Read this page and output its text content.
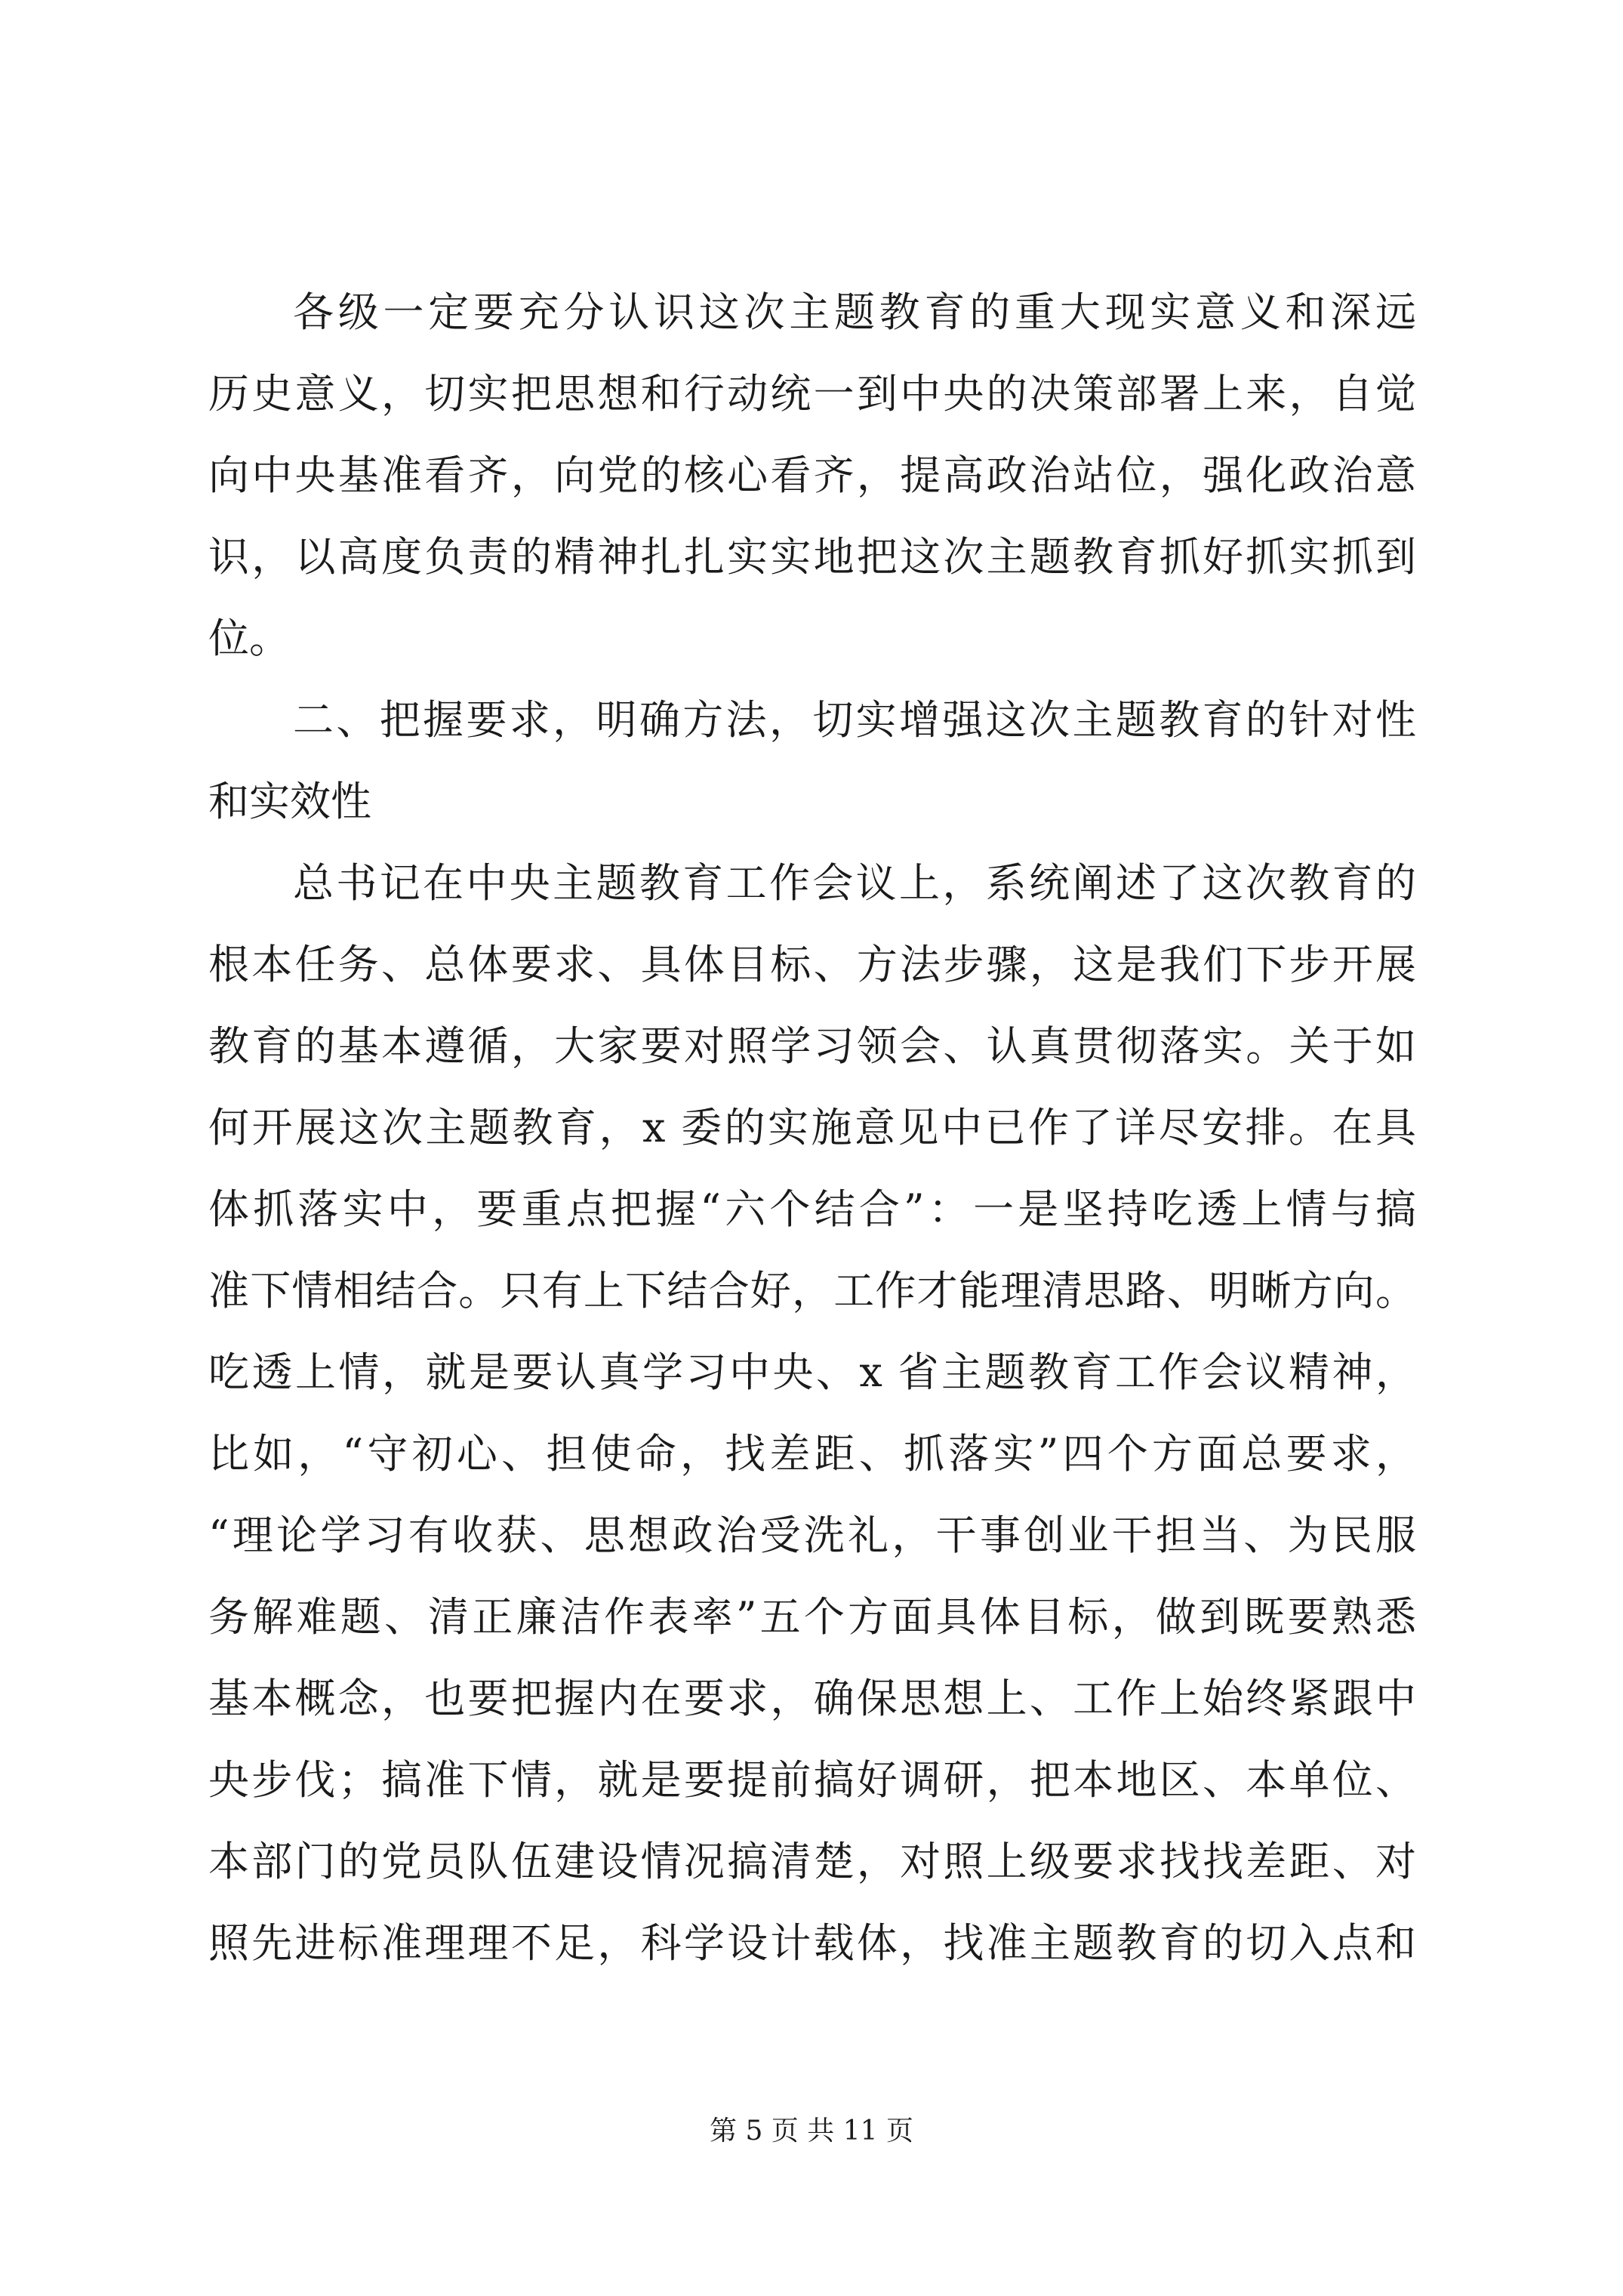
各级一定要充分认识这次主题教育的重大现实意义和深远
历史意义，切实把思想和行动统一到中央的决策部署上来，自觉
向中央基准看齐，向党的核心看齐，提高政治站位，强化政治意
识，以高度负责的精神扎扎实实地把这次主题教育抓好抓实抓到
位。
二、把握要求，明确方法，切实增强这次主题教育的针对性
和实效性
总书记在中央主题教育工作会议上，系统阐述了这次教育的
根本任务、总体要求、具体目标、方法步骤，这是我们下步开展
教育的基本遵循，大家要对照学习领会、认真贯彻落实。关于如
何开展这次主题教育，x 委的实施意见中已作了详尽安排。在具
体抓落实中，要重点把握“六个结合”：一是坚持吃透上情与搞
准下情相结合。只有上下结合好，工作才能理清思路、明晰方向。
吃透上情，就是要认真学习中央、x 省主题教育工作会议精神，
比如，“守初心、担使命，找差距、抓落实”四个方面总要求，
“理论学习有收获、思想政治受洗礼，干事创业干担当、为民服
务解难题、清正廉洁作表率”五个方面具体目标，做到既要熟悉
基本概念，也要把握内在要求，确保思想上、工作上始终紧跟中
央步伐；搞准下情，就是要提前搞好调研，把本地区、本单位、
本部门的党员队伍建设情况搞清楚，对照上级要求找找差距、对
照先进标准理理不足，科学设计载体，找准主题教育的切入点和
第 5 页 共 11 页
